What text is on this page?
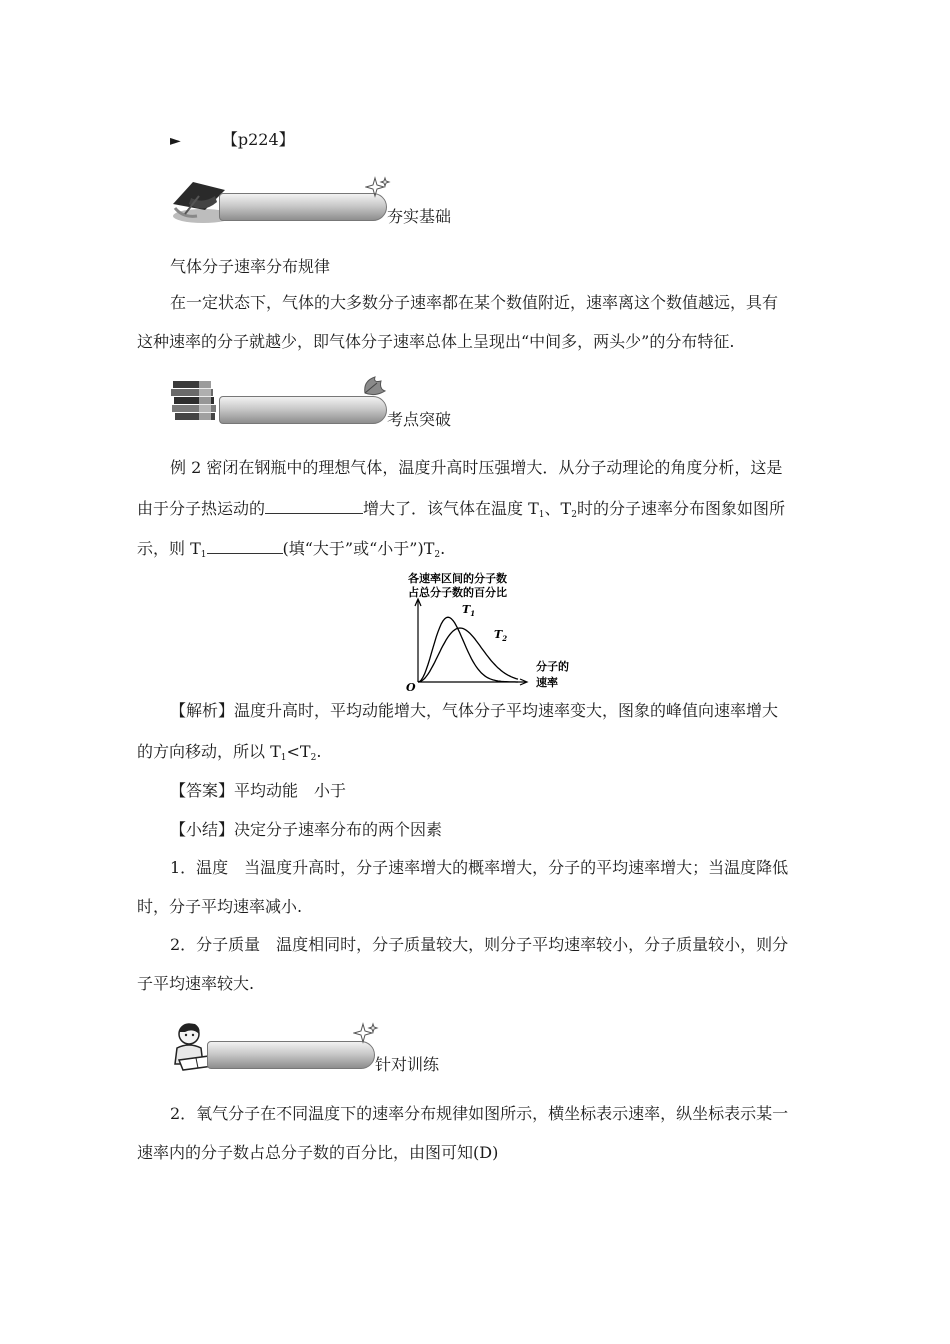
►	【p224】
夯实基础
气体分子速率分布规律
在一定状态下，气体的大多数分子速率都在某个数值附近，速率离这个数值越远，具有
这种速率的分子就越少，即气体分子速率总体上呈现出“中间多，两头少”的分布特征.
考点突破
例 2 密闭在钢瓶中的理想气体，温度升高时压强增大．从分子动理论的角度分析，这是
由于分子热运动的	增大了．该气体在温度 $T_1$、$T_2$时的分子速率分布图象如图所
示，则 $T_1$	(填“大于”或“小于$”)T_2$.
各速率区间的分子数
占总分子数的百分比
O
分子的
速率
$T_1$
$T_2$
【解析】温度升高时，平均动能增大，气体分子平均速率变大，图象的峰值向速率增大
的方向移动，所以 $T_1<T_2$.
【答案】平均动能　小于
【小结】决定分子速率分布的两个因素
1．温度　当温度升高时，分子速率增大的概率增大，分子的平均速率增大；当温度降低
时，分子平均速率减小.
2．分子质量　温度相同时，分子质量较大，则分子平均速率较小，分子质量较小，则分
子平均速率较大.
针对训练
2．氧气分子在不同温度下的速率分布规律如图所示，横坐标表示速率，纵坐标表示某一
速率内的分子数占总分子数的百分比，由图可知(D)
